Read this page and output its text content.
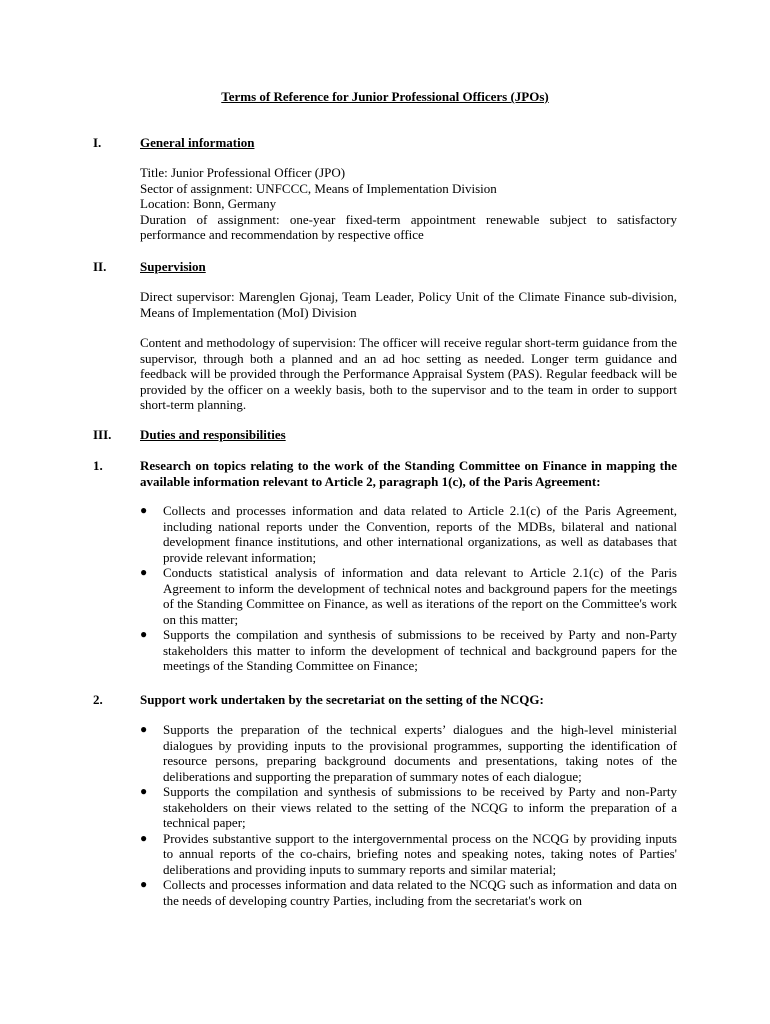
Terms of Reference for Junior Professional Officers (JPOs)
I.	General information
Title: Junior Professional Officer (JPO)
Sector of assignment: UNFCCC, Means of Implementation Division
Location: Bonn, Germany
Duration of assignment: one-year fixed-term appointment renewable subject to satisfactory performance and recommendation by respective office
II.	Supervision

Direct supervisor: Marenglen Gjonaj, Team Leader, Policy Unit of the Climate Finance sub-division, Means of Implementation (MoI) Division

Content and methodology of supervision: The officer will receive regular short-term guidance from the supervisor, through both a planned and an ad hoc setting as needed. Longer term guidance and feedback will be provided through the Performance Appraisal System (PAS). Regular feedback will be provided by the officer on a weekly basis, both to the supervisor and to the team in order to support short-term planning.

III. Duties and responsibilities
1.	Research on topics relating to the work of the Standing Committee on Finance in mapping the available information relevant to Article 2, paragraph 1(c), of the Paris Agreement:

● Collects and processes information and data related to Article 2.1(c) of the Paris Agreement, including national reports under the Convention, reports of the MDBs, bilateral and national development finance institutions, and other international organizations, as well as databases that provide relevant information;
● Conducts statistical analysis of information and data relevant to Article 2.1(c) of the Paris Agreement to inform the development of technical notes and background papers for the meetings of the Standing Committee on Finance, as well as iterations of the report on the Committee's work on this matter;
● Supports the compilation and synthesis of submissions to be received by Party and non-Party stakeholders this matter to inform the development of technical and background papers for the meetings of the Standing Committee on Finance;
2.	Support work undertaken by the secretariat on the setting of the NCQG:

● Supports the preparation of the technical experts’ dialogues and the high-level ministerial dialogues by providing inputs to the provisional programmes, supporting the identification of resource persons, preparing background documents and presentations, taking notes of the deliberations and supporting the preparation of summary notes of each dialogue;
● Supports the compilation and synthesis of submissions to be received by Party and non-Party stakeholders on their views related to the setting of the NCQG to inform the preparation of a technical paper;
● Provides substantive support to the intergovernmental process on the NCQG by providing inputs to annual reports of the co-chairs, briefing notes and speaking notes, taking notes of Parties' deliberations and providing inputs to summary reports and similar material;
● Collects and processes information and data related to the NCQG such as information and data on the needs of developing country Parties, including from the secretariat's work on
